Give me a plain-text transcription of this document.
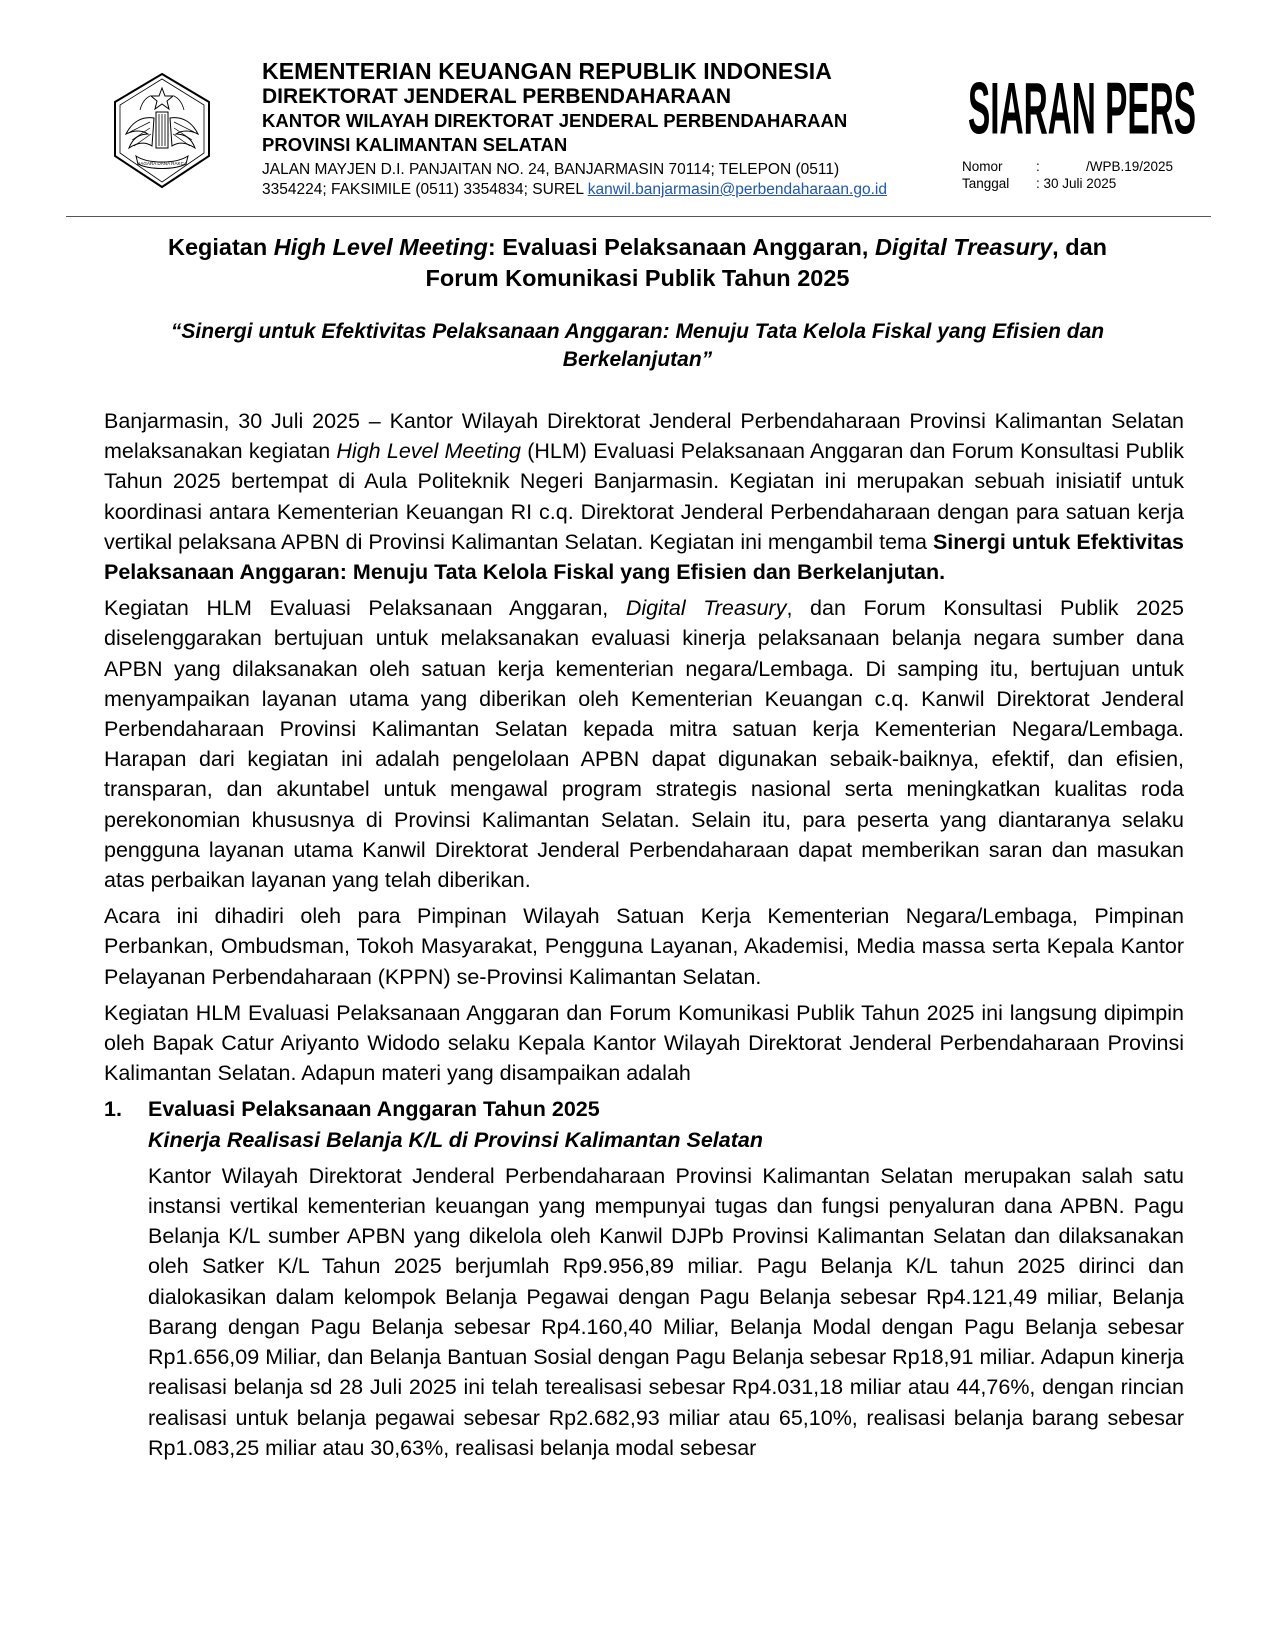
NAGARA DANA RAKCA
KEMENTERIAN KEUANGAN REPUBLIK INDONESIA
DIREKTORAT JENDERAL PERBENDAHARAAN
KANTOR WILAYAH DIREKTORAT JENDERAL PERBENDAHARAAN
PROVINSI KALIMANTAN SELATAN
JALAN MAYJEN D.I. PANJAITAN NO. 24, BANJARMASIN 70114; TELEPON (0511)
3354224; FAKSIMILE (0511) 3354834; SUREL kanwil.banjarmasin@perbendaharaan.go.id
SIARAN PERS
Nomor	:	/WPB.19/2025
Tanggal	: 30 Juli 2025	
Kegiatan High Level Meeting: Evaluasi Pelaksanaan Anggaran, Digital Treasury, dan
Forum Komunikasi Publik Tahun 2025
“Sinergi untuk Efektivitas Pelaksanaan Anggaran: Menuju Tata Kelola Fiskal yang Efisien dan
Berkelanjutan”

Banjarmasin, 30 Juli 2025 – Kantor Wilayah Direktorat Jenderal Perbendaharaan Provinsi Kalimantan Selatan melaksanakan kegiatan High Level Meeting (HLM) Evaluasi Pelaksanaan Anggaran dan Forum Konsultasi Publik Tahun 2025 bertempat di Aula Politeknik Negeri Banjarmasin. Kegiatan ini merupakan sebuah inisiatif untuk koordinasi antara Kementerian Keuangan RI c.q. Direktorat Jenderal Perbendaharaan dengan para satuan kerja vertikal pelaksana APBN di Provinsi Kalimantan Selatan. Kegiatan ini mengambil tema Sinergi untuk Efektivitas Pelaksanaan Anggaran: Menuju Tata Kelola Fiskal yang Efisien dan Berkelanjutan.

Kegiatan HLM Evaluasi Pelaksanaan Anggaran, Digital Treasury, dan Forum Konsultasi Publik 2025 diselenggarakan bertujuan untuk melaksanakan evaluasi kinerja pelaksanaan belanja negara sumber dana APBN yang dilaksanakan oleh satuan kerja kementerian negara/Lembaga. Di samping itu, bertujuan untuk menyampaikan layanan utama yang diberikan oleh Kementerian Keuangan c.q. Kanwil Direktorat Jenderal Perbendaharaan Provinsi Kalimantan Selatan kepada mitra satuan kerja Kementerian Negara/Lembaga. Harapan dari kegiatan ini adalah pengelolaan APBN dapat digunakan sebaik-baiknya, efektif, dan efisien, transparan, dan akuntabel untuk mengawal program strategis nasional serta meningkatkan kualitas roda perekonomian khususnya di Provinsi Kalimantan Selatan. Selain itu, para peserta yang diantaranya selaku pengguna layanan utama Kanwil Direktorat Jenderal Perbendaharaan dapat memberikan saran dan masukan atas perbaikan layanan yang telah diberikan.

Acara ini dihadiri oleh para Pimpinan Wilayah Satuan Kerja Kementerian Negara/Lembaga, Pimpinan Perbankan, Ombudsman, Tokoh Masyarakat, Pengguna Layanan, Akademisi, Media massa serta Kepala Kantor Pelayanan Perbendaharaan (KPPN) se-Provinsi Kalimantan Selatan.

Kegiatan HLM Evaluasi Pelaksanaan Anggaran dan Forum Komunikasi Publik Tahun 2025 ini langsung dipimpin oleh Bapak Catur Ariyanto Widodo selaku Kepala Kantor Wilayah Direktorat Jenderal Perbendaharaan Provinsi Kalimantan Selatan. Adapun materi yang disampaikan adalah

1. Evaluasi Pelaksanaan Anggaran Tahun 2025
Kinerja Realisasi Belanja K/L di Provinsi Kalimantan Selatan
Kantor Wilayah Direktorat Jenderal Perbendaharaan Provinsi Kalimantan Selatan merupakan salah satu instansi vertikal kementerian keuangan yang mempunyai tugas dan fungsi penyaluran dana APBN. Pagu Belanja K/L sumber APBN yang dikelola oleh Kanwil DJPb Provinsi Kalimantan Selatan dan dilaksanakan oleh Satker K/L Tahun 2025 berjumlah Rp9.956,89 miliar. Pagu Belanja K/L tahun 2025 dirinci dan dialokasikan dalam kelompok Belanja Pegawai dengan Pagu Belanja sebesar Rp4.121,49 miliar, Belanja Barang dengan Pagu Belanja sebesar Rp4.160,40 Miliar, Belanja Modal dengan Pagu Belanja sebesar Rp1.656,09 Miliar, dan Belanja Bantuan Sosial dengan Pagu Belanja sebesar Rp18,91 miliar. Adapun kinerja realisasi belanja sd 28 Juli 2025 ini telah terealisasi sebesar Rp4.031,18 miliar atau 44,76%, dengan rincian realisasi untuk belanja pegawai sebesar Rp2.682,93 miliar atau 65,10%, realisasi belanja barang sebesar Rp1.083,25 miliar atau 30,63%, realisasi belanja modal sebesar
